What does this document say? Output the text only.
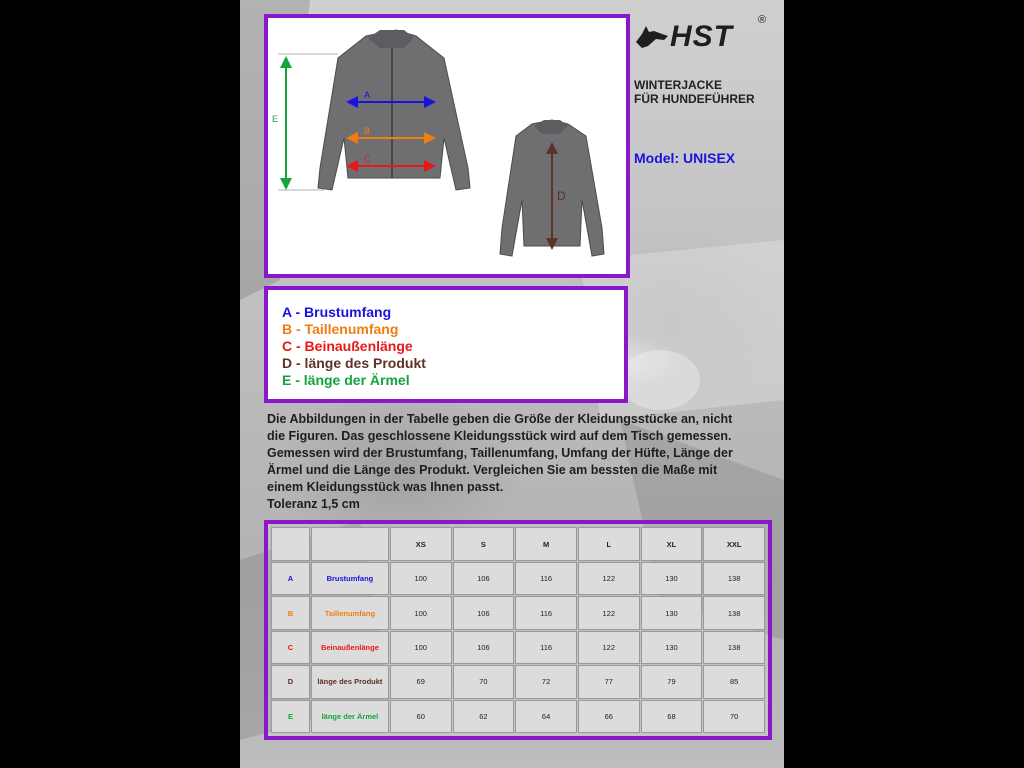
A
B
C
E
D
HST ®
WINTERJACKE
FÜR HUNDEFÜHRER
Model: UNISEX
A - Brustumfang
B - Taillenumfang
C - Beinaußenlänge
D - länge des Produkt
E - länge der Ärmel
Die Abbildungen in der Tabelle geben die Größe der Kleidungsstücke an, nicht
die Figuren. Das geschlossene Kleidungsstück wird auf dem Tisch gemessen.
Gemessen wird der Brustumfang, Taillenumfang, Umfang der Hüfte, Länge der
Ärmel und die Länge des Produkt. Vergleichen Sie am bessten die Maße mit
einem Kleidungsstück was Ihnen passt.
Toleranz 1,5 cm
		XS	S	M	L	XL	XXL
A	Brustumfang	100	106	116	122	130	138
B	Taillenumfang	100	106	116	122	130	138
C	Beinaußenlänge	100	106	116	122	130	138
D	länge des Produkt	69	70	72	77	79	85
E	länge der Ärmel	60	62	64	66	68	70
